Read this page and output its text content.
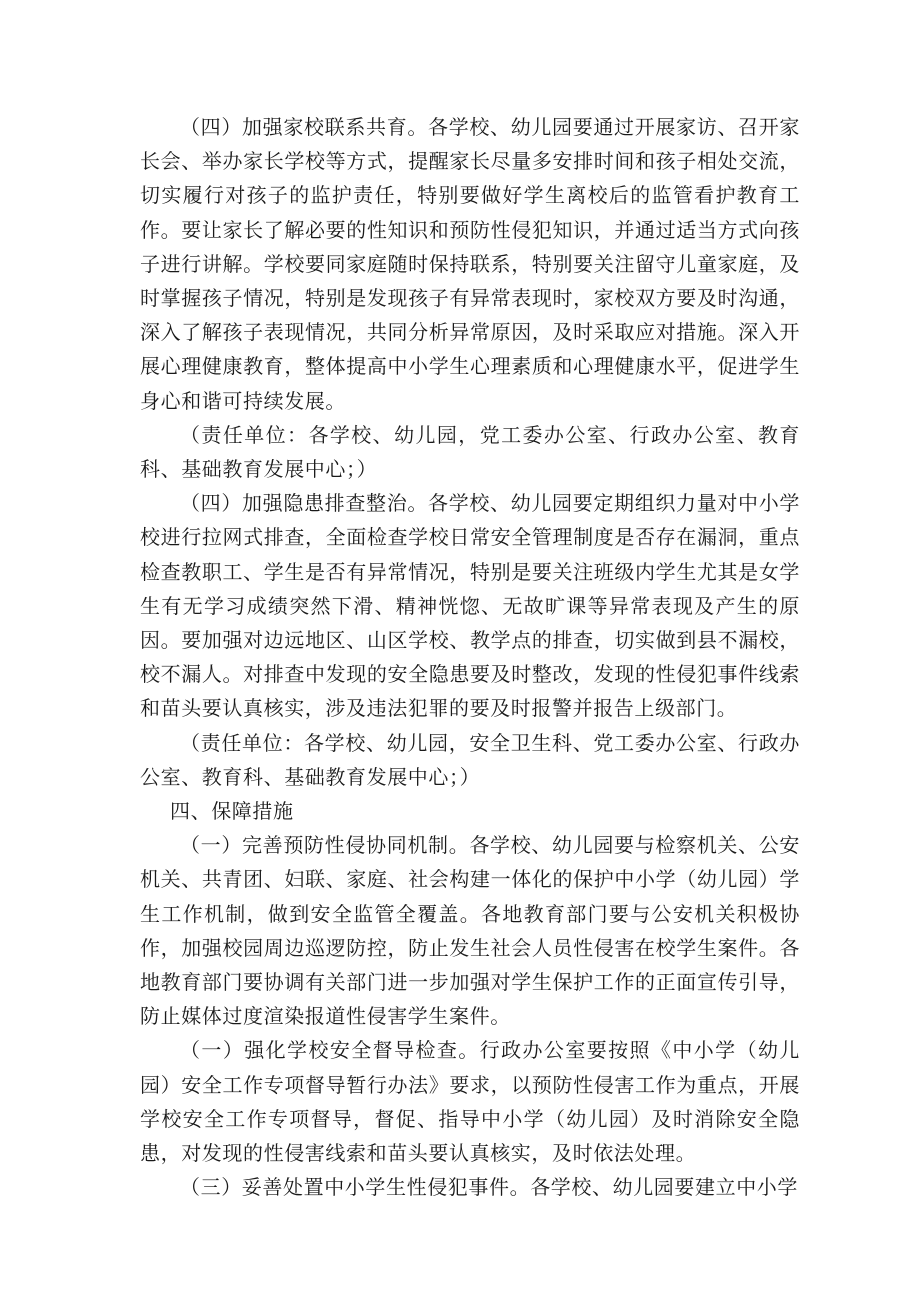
（四）加强家校联系共育。各学校、幼儿园要通过开展家访、召开家长会、举办家长学校等方式，提醒家长尽量多安排时间和孩子相处交流，切实履行对孩子的监护责任，特别要做好学生离校后的监管看护教育工作。要让家长了解必要的性知识和预防性侵犯知识，并通过适当方式向孩子进行讲解。学校要同家庭随时保持联系，特别要关注留守儿童家庭，及时掌握孩子情况，特别是发现孩子有异常表现时，家校双方要及时沟通，深入了解孩子表现情况，共同分析异常原因，及时采取应对措施。深入开展心理健康教育，整体提高中小学生心理素质和心理健康水平，促进学生身心和谐可持续发展。

（责任单位：各学校、幼儿园，党工委办公室、行政办公室、教育科、基础教育发展中心；）

（四）加强隐患排查整治。各学校、幼儿园要定期组织力量对中小学校进行拉网式排查，全面检查学校日常安全管理制度是否存在漏洞，重点检查教职工、学生是否有异常情况，特别是要关注班级内学生尤其是女学生有无学习成绩突然下滑、精神恍惚、无故旷课等异常表现及产生的原因。要加强对边远地区、山区学校、教学点的排查，切实做到县不漏校，校不漏人。对排查中发现的安全隐患要及时整改，发现的性侵犯事件线索和苗头要认真核实，涉及违法犯罪的要及时报警并报告上级部门。

（责任单位：各学校、幼儿园，安全卫生科、党工委办公室、行政办公室、教育科、基础教育发展中心；）

四、保障措施

（一）完善预防性侵协同机制。各学校、幼儿园要与检察机关、公安机关、共青团、妇联、家庭、社会构建一体化的保护中小学（幼儿园）学生工作机制，做到安全监管全覆盖。各地教育部门要与公安机关积极协作，加强校园周边巡逻防控，防止发生社会人员性侵害在校学生案件。各地教育部门要协调有关部门进一步加强对学生保护工作的正面宣传引导，防止媒体过度渲染报道性侵害学生案件。

（一）强化学校安全督导检查。行政办公室要按照《中小学（幼儿园）安全工作专项督导暂行办法》要求，以预防性侵害工作为重点，开展学校安全工作专项督导，督促、指导中小学（幼儿园）及时消除安全隐患，对发现的性侵害线索和苗头要认真核实，及时依法处理。

（三）妥善处置中小学生性侵犯事件。各学校、幼儿园要建立中小学
